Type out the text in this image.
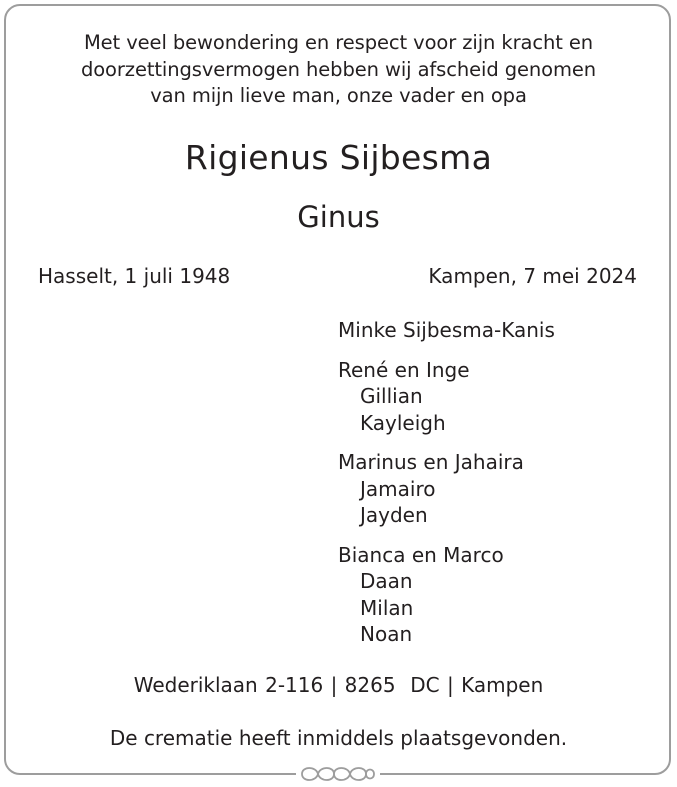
Met veel bewondering en respect voor zijn kracht en
doorzettingsvermogen hebben wij afscheid genomen
van mijn lieve man, onze vader en opa
Rigienus Sijbesma
Ginus
Hasselt, 1 juli 1948	Kampen, 7 mei 2024
Minke Sijbesma-Kanis
René en Inge
Gillian
Kayleigh
Marinus en Jahaira
Jamairo
Jayden
Bianca en Marco
Daan
Milan
Noan
Wederiklaan 2-116 | 8265  DC | Kampen
De crematie heeft inmiddels plaatsgevonden.
